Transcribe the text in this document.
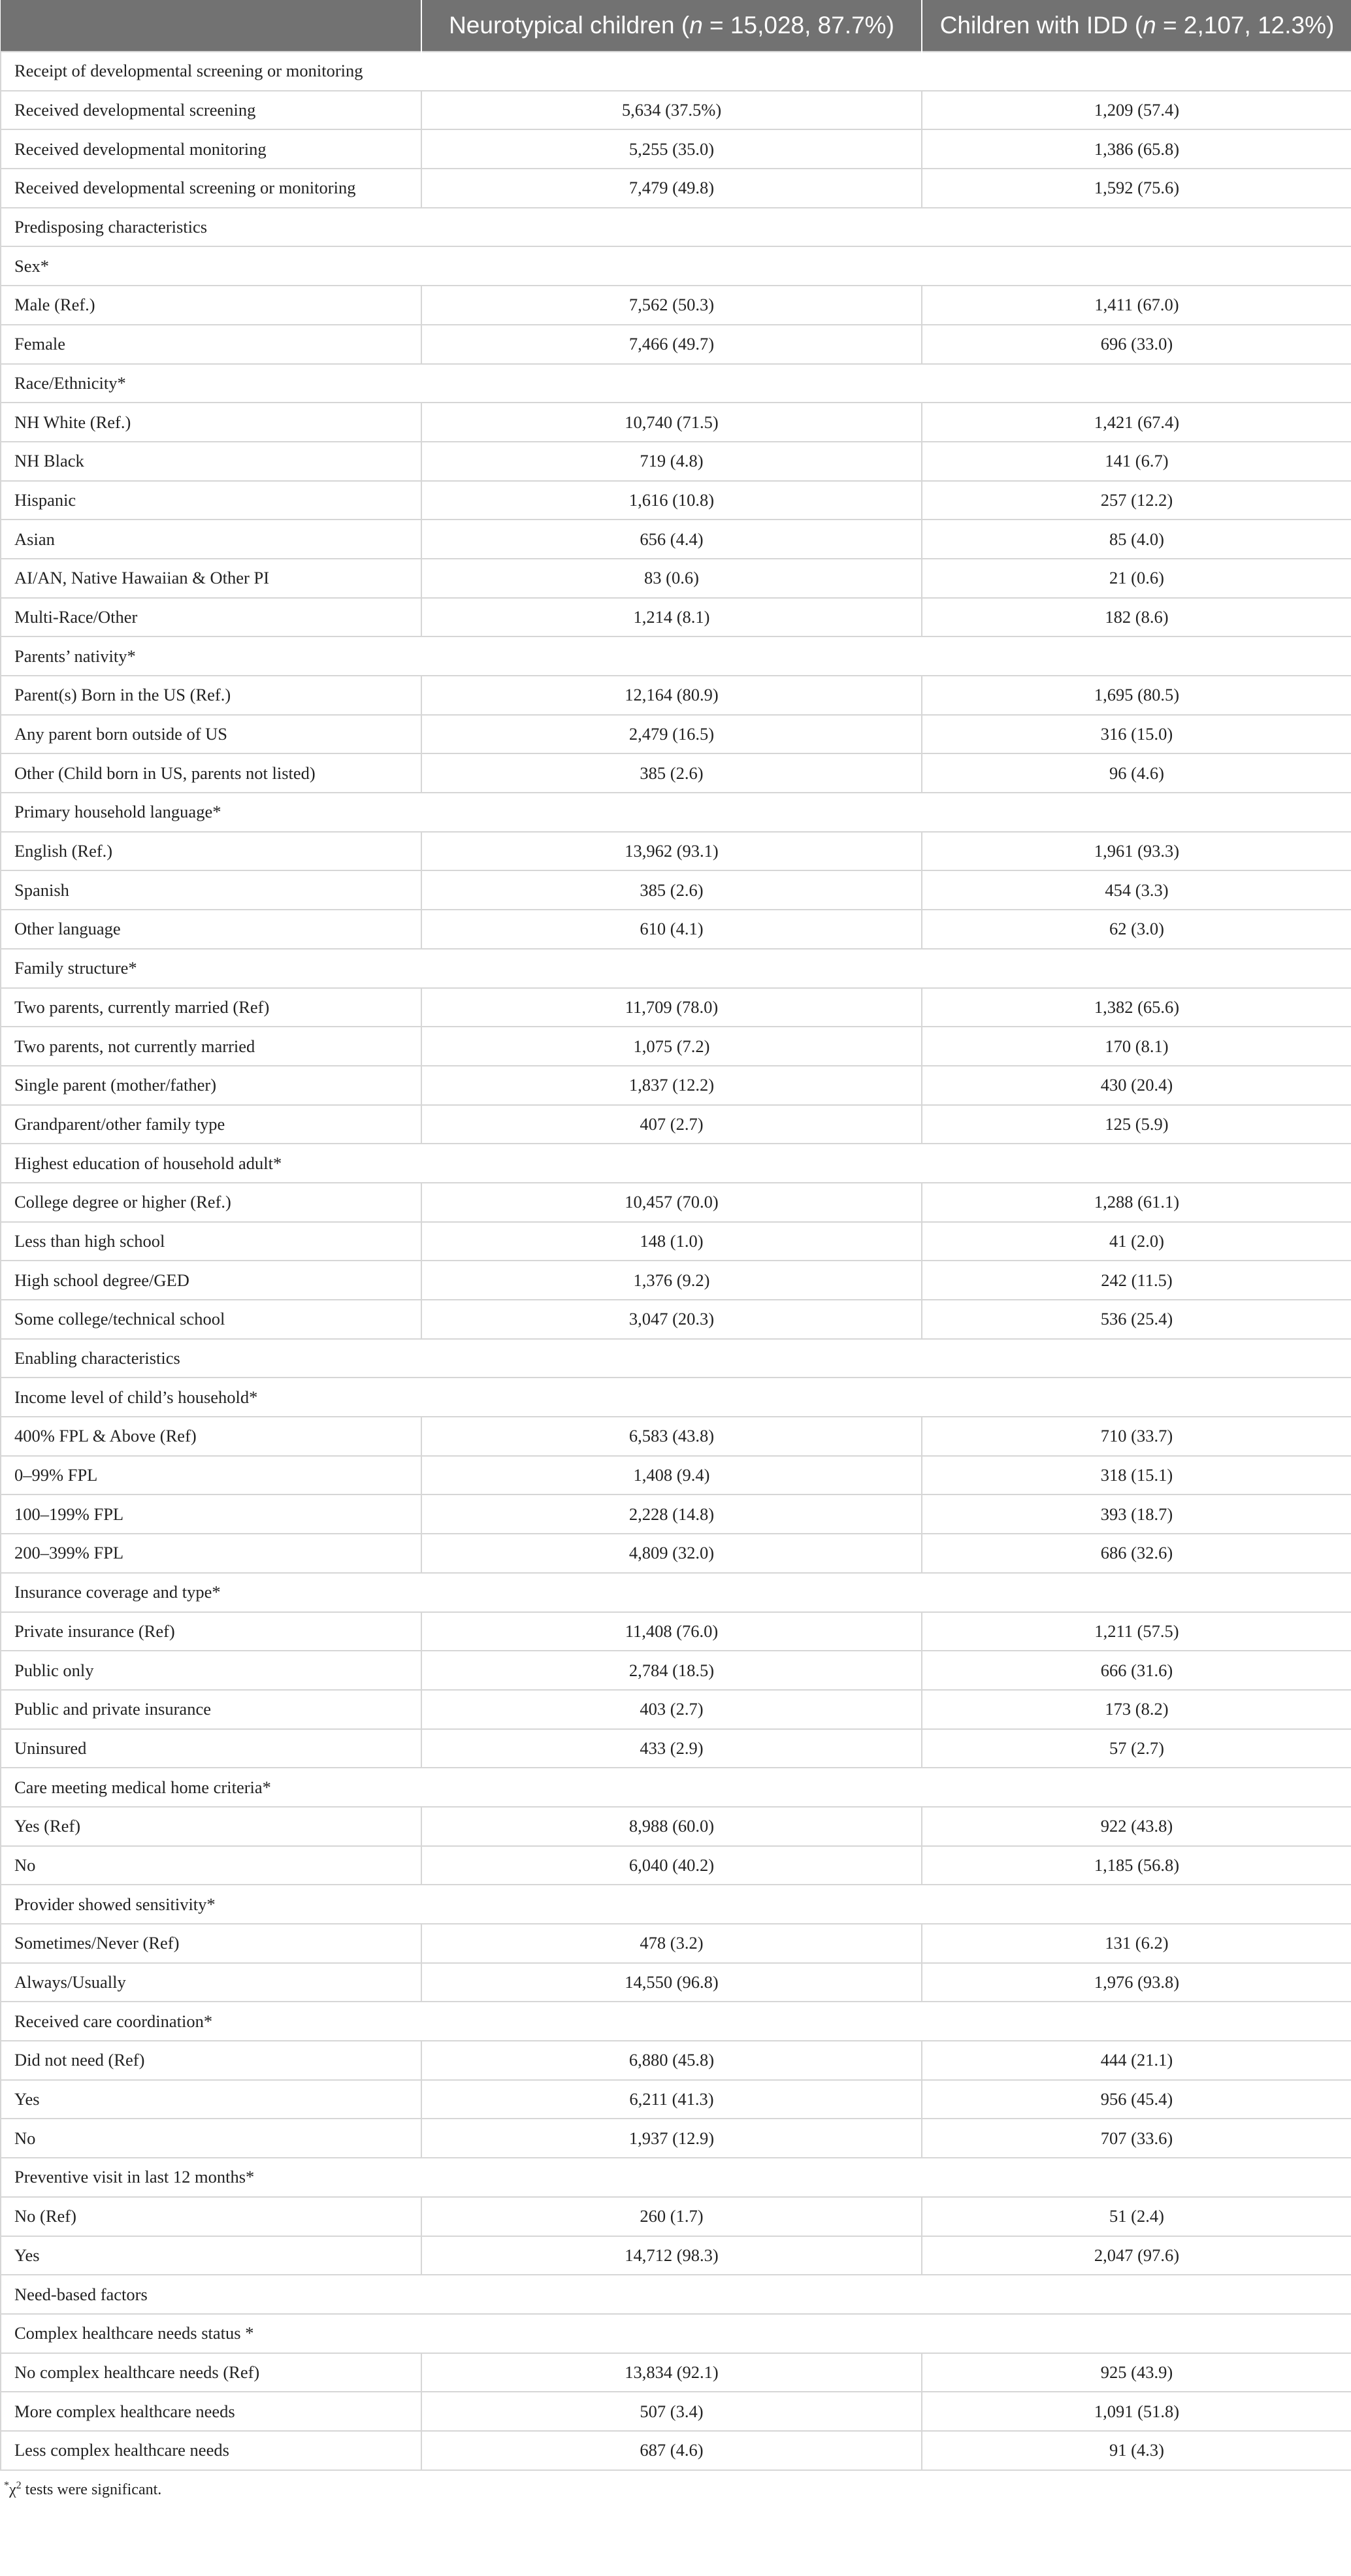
	Neurotypical children (n = 15,028, 87.7%)	Children with IDD (n = 2,107, 12.3%)
Receipt of developmental screening or monitoring		
Received developmental screening	5,634 (37.5%)	1,209 (57.4)
Received developmental monitoring	5,255 (35.0)	1,386 (65.8)
Received developmental screening or monitoring	7,479 (49.8)	1,592 (75.6)
Predisposing characteristics		
Sex*		
Male (Ref.)	7,562 (50.3)	1,411 (67.0)
Female	7,466 (49.7)	696 (33.0)
Race/Ethnicity*		
NH White (Ref.)	10,740 (71.5)	1,421 (67.4)
NH Black	719 (4.8)	141 (6.7)
Hispanic	1,616 (10.8)	257 (12.2)
Asian	656 (4.4)	85 (4.0)
AI/AN, Native Hawaiian & Other PI	83 (0.6)	21 (0.6)
Multi-Race/Other	1,214 (8.1)	182 (8.6)
Parents’ nativity*		
Parent(s) Born in the US (Ref.)	12,164 (80.9)	1,695 (80.5)
Any parent born outside of US	2,479 (16.5)	316 (15.0)
Other (Child born in US, parents not listed)	385 (2.6)	96 (4.6)
Primary household language*		
English (Ref.)	13,962 (93.1)	1,961 (93.3)
Spanish	385 (2.6)	454 (3.3)
Other language	610 (4.1)	62 (3.0)
Family structure*		
Two parents, currently married (Ref)	11,709 (78.0)	1,382 (65.6)
Two parents, not currently married	1,075 (7.2)	170 (8.1)
Single parent (mother/father)	1,837 (12.2)	430 (20.4)
Grandparent/other family type	407 (2.7)	125 (5.9)
Highest education of household adult*		
College degree or higher (Ref.)	10,457 (70.0)	1,288 (61.1)
Less than high school	148 (1.0)	41 (2.0)
High school degree/GED	1,376 (9.2)	242 (11.5)
Some college/technical school	3,047 (20.3)	536 (25.4)
Enabling characteristics		
Income level of child’s household*		
400% FPL & Above (Ref)	6,583 (43.8)	710 (33.7)
0–99% FPL	1,408 (9.4)	318 (15.1)
100–199% FPL	2,228 (14.8)	393 (18.7)
200–399% FPL	4,809 (32.0)	686 (32.6)
Insurance coverage and type*		
Private insurance (Ref)	11,408 (76.0)	1,211 (57.5)
Public only	2,784 (18.5)	666 (31.6)
Public and private insurance	403 (2.7)	173 (8.2)
Uninsured	433 (2.9)	57 (2.7)
Care meeting medical home criteria*		
Yes (Ref)	8,988 (60.0)	922 (43.8)
No	6,040 (40.2)	1,185 (56.8)
Provider showed sensitivity*		
Sometimes/Never (Ref)	478 (3.2)	131 (6.2)
Always/Usually	14,550 (96.8)	1,976 (93.8)
Received care coordination*		
Did not need (Ref)	6,880 (45.8)	444 (21.1)
Yes	6,211 (41.3)	956 (45.4)
No	1,937 (12.9)	707 (33.6)
Preventive visit in last 12 months*		
No (Ref)	260 (1.7)	51 (2.4)
Yes	14,712 (98.3)	2,047 (97.6)
Need-based factors		
Complex healthcare needs status *		
No complex healthcare needs (Ref)	13,834 (92.1)	925 (43.9)
More complex healthcare needs	507 (3.4)	1,091 (51.8)
Less complex healthcare needs	687 (4.6)	91 (4.3)
$^*\chi^2$ tests were significant.
